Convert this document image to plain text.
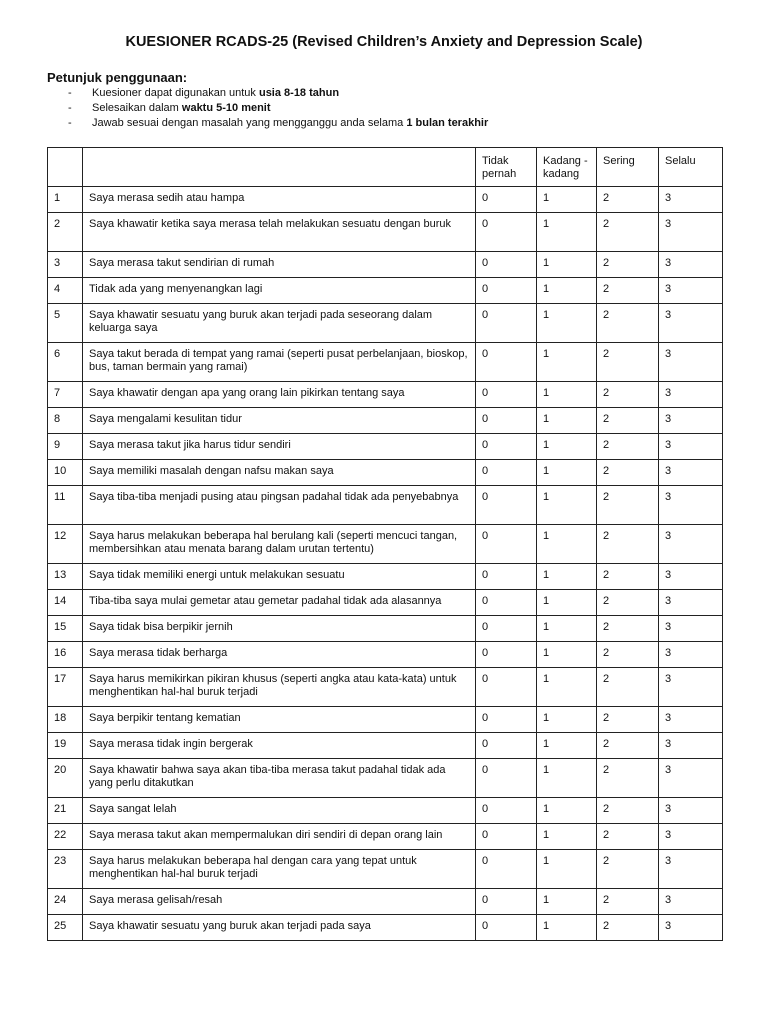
KUESIONER RCADS-25 (Revised Children’s Anxiety and Depression Scale)
Petunjuk penggunaan:
- Kuesioner dapat digunakan untuk usia 8-18 tahun
- Selesaikan dalam waktu 5-10 menit
- Jawab sesuai dengan masalah yang mengganggu anda selama 1 bulan terakhir
		Tidak pernah	Kadang - kadang	Sering	Selalu
1	Saya merasa sedih atau hampa	0	1	2	3
2	Saya khawatir ketika saya merasa telah melakukan sesuatu dengan buruk	0	1	2	3
3	Saya merasa takut sendirian di rumah	0	1	2	3
4	Tidak ada yang menyenangkan lagi	0	1	2	3
5	Saya khawatir sesuatu yang buruk akan terjadi pada seseorang dalam keluarga saya	0	1	2	3
6	Saya takut berada di tempat yang ramai (seperti pusat perbelanjaan, bioskop, bus, taman bermain yang ramai)	0	1	2	3
7	Saya khawatir dengan apa yang orang lain pikirkan tentang saya	0	1	2	3
8	Saya mengalami kesulitan tidur	0	1	2	3
9	Saya merasa takut jika harus tidur sendiri	0	1	2	3
10	Saya memiliki masalah dengan nafsu makan saya	0	1	2	3
11	Saya tiba-tiba menjadi pusing atau pingsan padahal tidak ada penyebabnya	0	1	2	3
12	Saya harus melakukan beberapa hal berulang kali (seperti mencuci tangan, membersihkan atau menata barang dalam urutan tertentu)	0	1	2	3
13	Saya tidak memiliki energi untuk melakukan sesuatu	0	1	2	3
14	Tiba-tiba saya mulai gemetar atau gemetar padahal tidak ada alasannya	0	1	2	3
15	Saya tidak bisa berpikir jernih	0	1	2	3
16	Saya merasa tidak berharga	0	1	2	3
17	Saya harus memikirkan pikiran khusus (seperti angka atau kata-kata) untuk menghentikan hal-hal buruk terjadi	0	1	2	3
18	Saya berpikir tentang kematian	0	1	2	3
19	Saya merasa tidak ingin bergerak	0	1	2	3
20	Saya khawatir bahwa saya akan tiba-tiba merasa takut padahal tidak ada yang perlu ditakutkan	0	1	2	3
21	Saya sangat lelah	0	1	2	3
22	Saya merasa takut akan mempermalukan diri sendiri di depan orang lain	0	1	2	3
23	Saya harus melakukan beberapa hal dengan cara yang tepat untuk menghentikan hal-hal buruk terjadi	0	1	2	3
24	Saya merasa gelisah/resah	0	1	2	3
25	Saya khawatir sesuatu yang buruk akan terjadi pada saya	0	1	2	3
